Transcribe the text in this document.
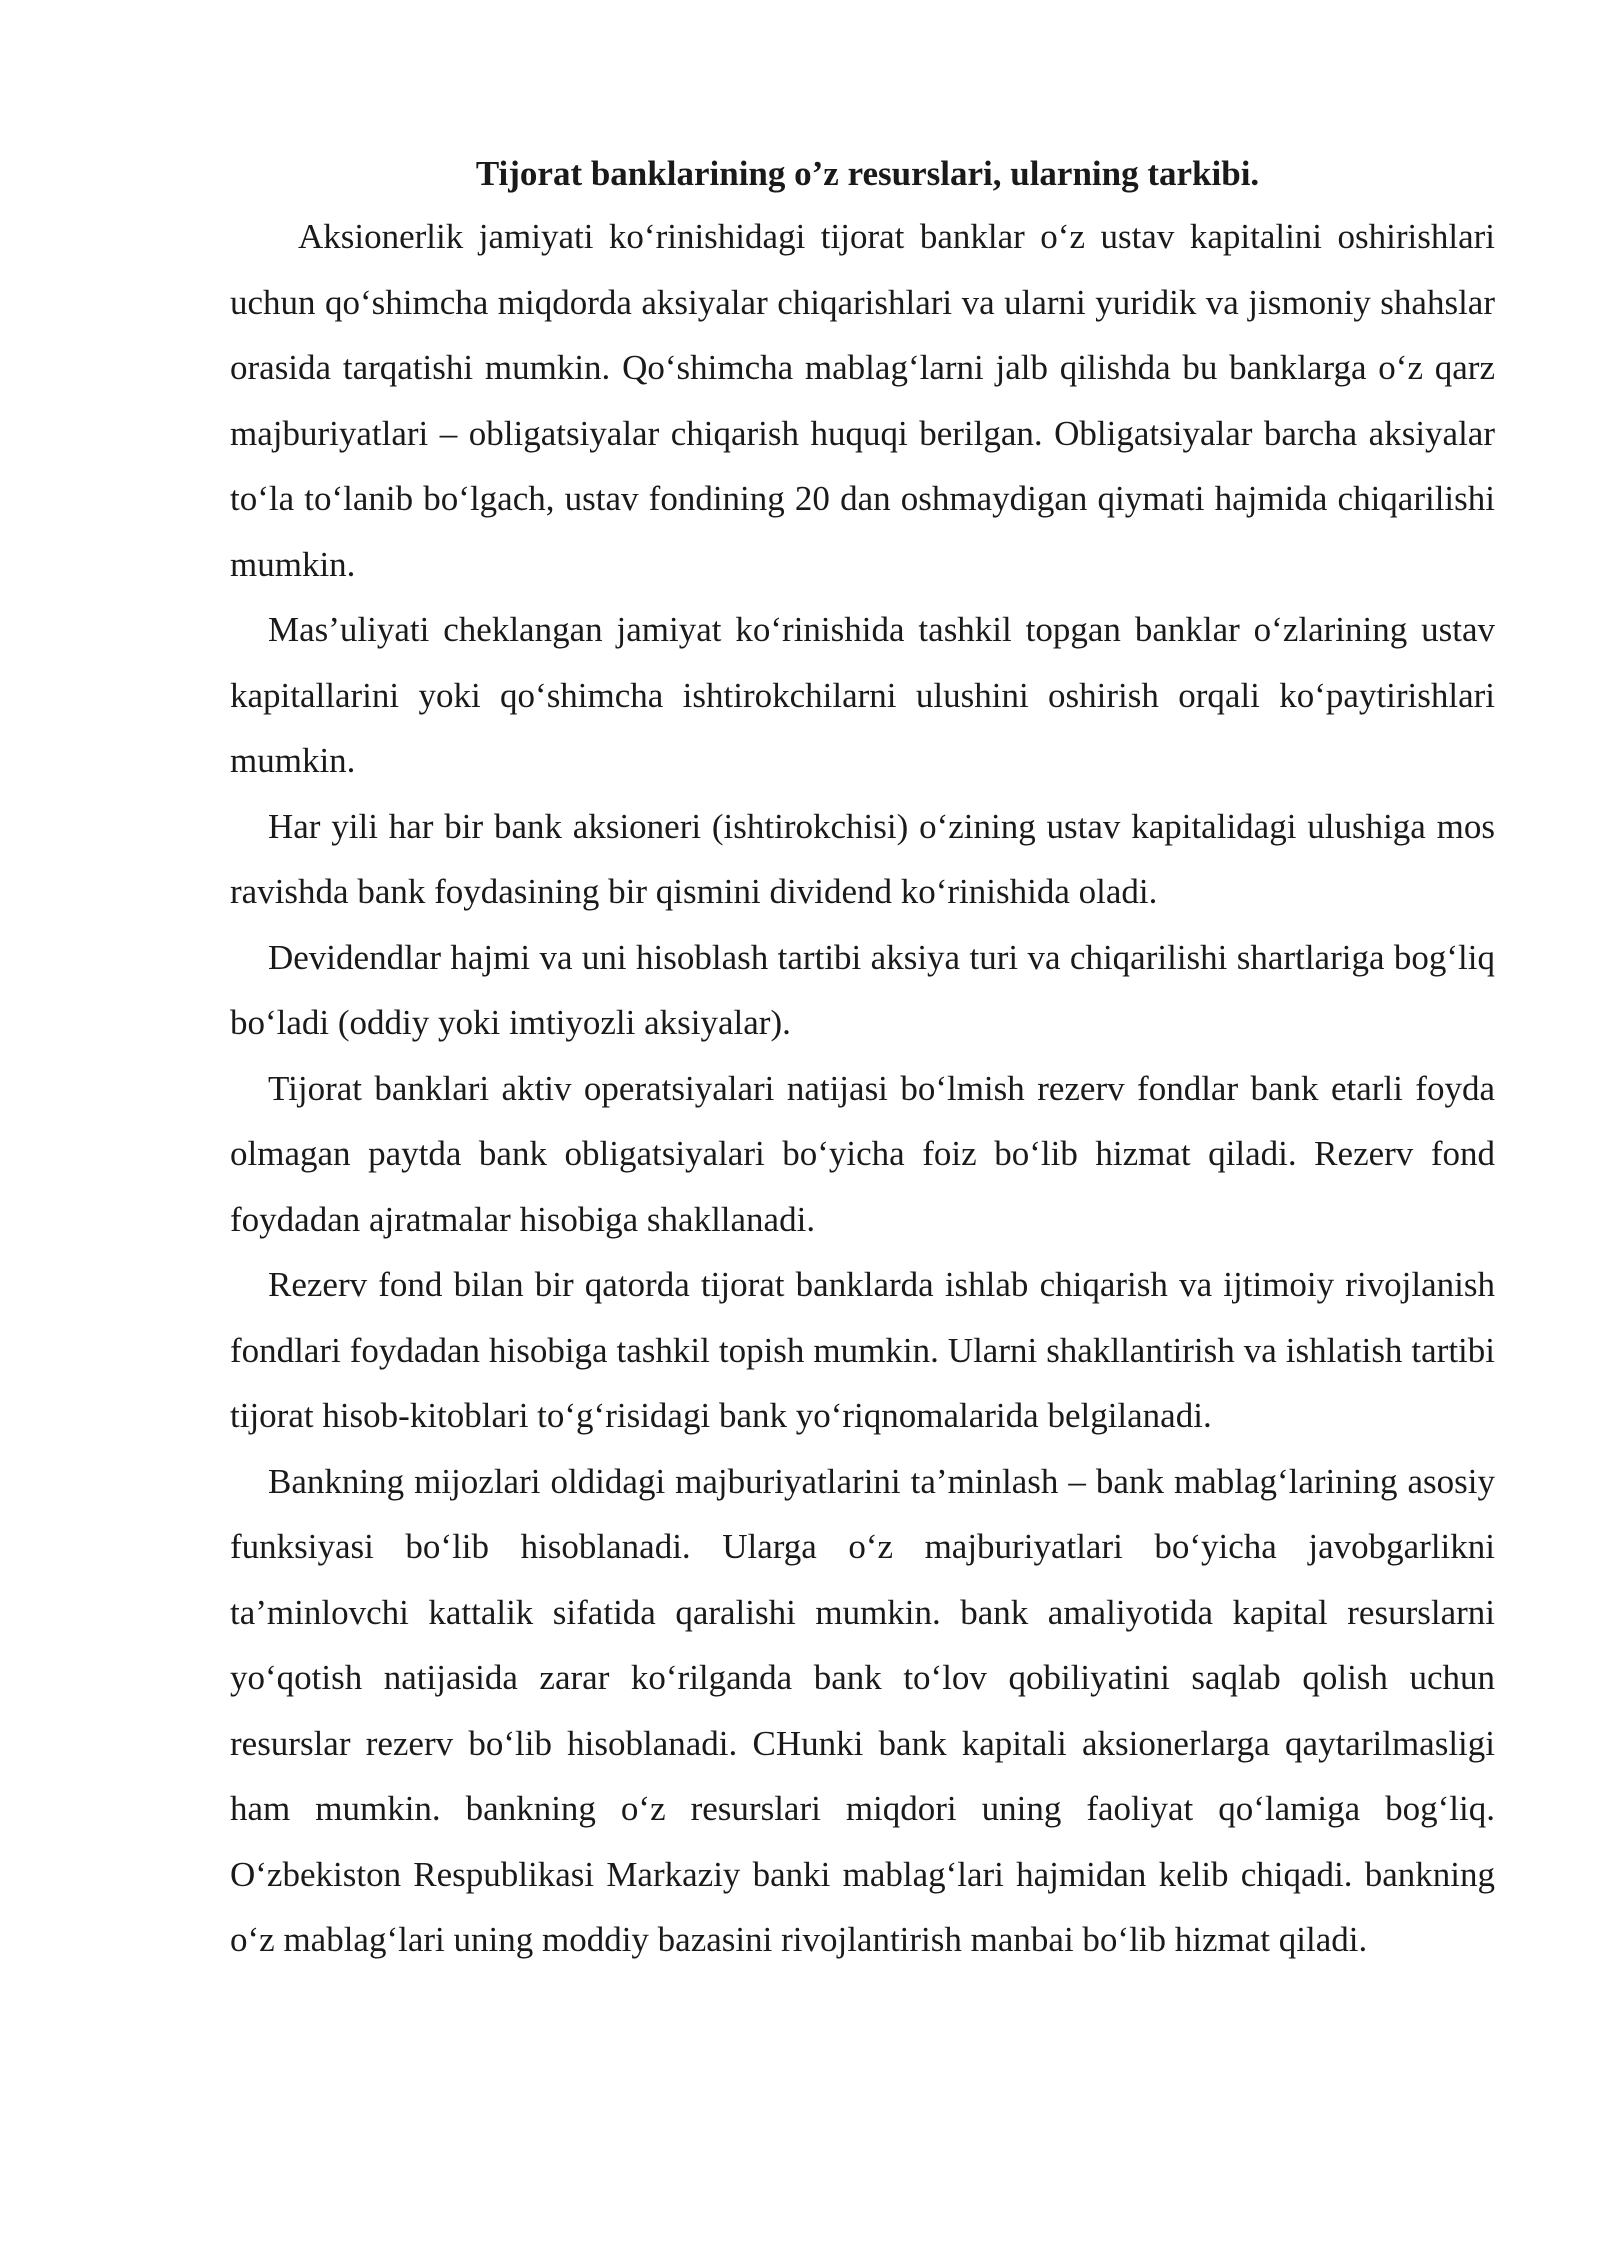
Tijorat banklarining o’z resurslari, ularning tarkibi.

Aksionerlik jamiyati ko‘rinishidagi tijorat banklar o‘z ustav kapitalini oshirishlari uchun qo‘shimcha miqdorda aksiyalar chiqarishlari va ularni yuridik va jismoniy shahslar orasida tarqatishi mumkin. Qo‘shimcha mablag‘larni jalb qilishda bu banklarga o‘z qarz majburiyatlari – obligatsiyalar chiqarish huquqi berilgan. Obligatsiyalar barcha aksiyalar to‘la to‘lanib bo‘lgach, ustav fondining 20 dan oshmaydigan qiymati hajmida chiqarilishi mumkin.

Mas’uliyati cheklangan jamiyat ko‘rinishida tashkil topgan banklar o‘zlarining ustav kapitallarini yoki qo‘shimcha ishtirokchilarni ulushini oshirish orqali ko‘paytirishlari mumkin.

Har yili har bir bank aksioneri (ishtirokchisi) o‘zining ustav kapitalidagi ulushiga mos ravishda bank foydasining bir qismini dividend ko‘rinishida oladi.

Devidendlar hajmi va uni hisoblash tartibi aksiya turi va chiqarilishi shartlariga bog‘liq bo‘ladi (oddiy yoki imtiyozli aksiyalar).

Tijorat banklari aktiv operatsiyalari natijasi bo‘lmish rezerv fondlar bank etarli foyda olmagan paytda bank obligatsiyalari bo‘yicha foiz bo‘lib hizmat qiladi. Rezerv fond foydadan ajratmalar hisobiga shakllanadi.

Rezerv fond bilan bir qatorda tijorat banklarda ishlab chiqarish va ijtimoiy rivojlanish fondlari foydadan hisobiga tashkil topish mumkin. Ularni shakllantirish va ishlatish tartibi tijorat hisob-kitoblari to‘g‘risidagi bank yo‘riqnomalarida belgilanadi.

Bankning mijozlari oldidagi majburiyatlarini ta’minlash – bank mablag‘larining asosiy funksiyasi bo‘lib hisoblanadi. Ularga o‘z majburiyatlari bo‘yicha javobgarlikni ta’minlovchi kattalik sifatida qaralishi mumkin. bank amaliyotida kapital resurslarni yo‘qotish natijasida zarar ko‘rilganda bank to‘lov qobiliyatini saqlab qolish uchun resurslar rezerv bo‘lib hisoblanadi. CHunki bank kapitali aksionerlarga qaytarilmasligi ham mumkin. bankning o‘z resurslari miqdori uning faoliyat qo‘lamiga bog‘liq. O‘zbekiston Respublikasi Markaziy banki mablag‘lari hajmidan kelib chiqadi. bankning o‘z mablag‘lari uning moddiy bazasini rivojlantirish manbai bo‘lib hizmat qiladi.
